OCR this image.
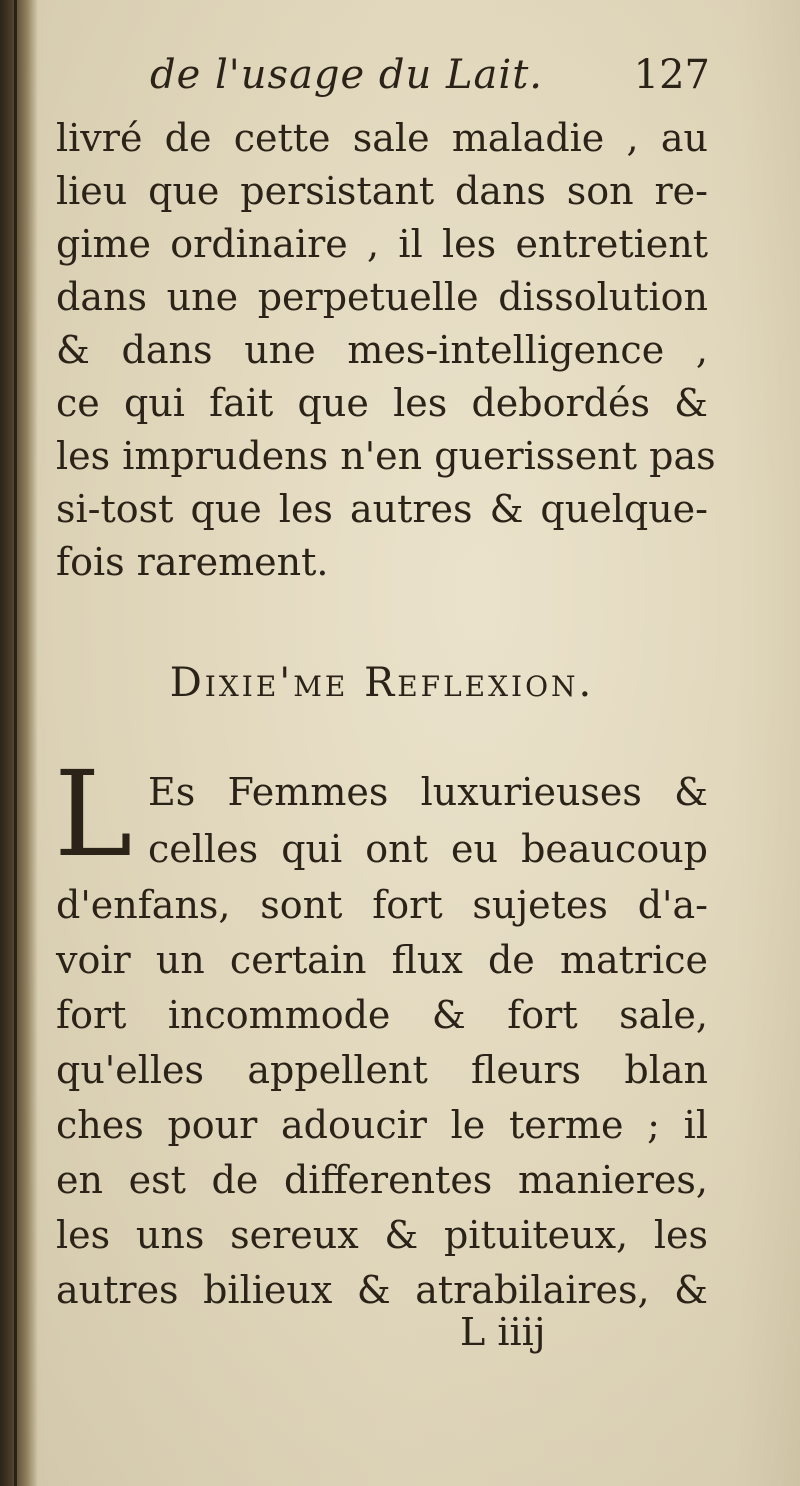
de l'usage du Lait. 127
livré de cette sale maladie , au
lieu que persistant dans son re-
gime ordinaire , il les entretient
dans une perpetuelle dissolution
& dans une mes-intelligence ,
ce qui fait que les debordés &
les imprudens n'en guerissent pas
si-tost que les autres & quelque-
fois rarement.
Dixie'me Reflexion.
L Es Femmes luxurieuses &
celles qui ont eu beaucoup
d'enfans, sont fort sujetes d'a-
voir un certain flux de matrice
fort incommode & fort sale,
qu'elles appellent fleurs blan
ches pour adoucir le terme ; il
en est de differentes manieres,
les uns sereux & pituiteux, les
autres bilieux & atrabilaires, &
L iiij
